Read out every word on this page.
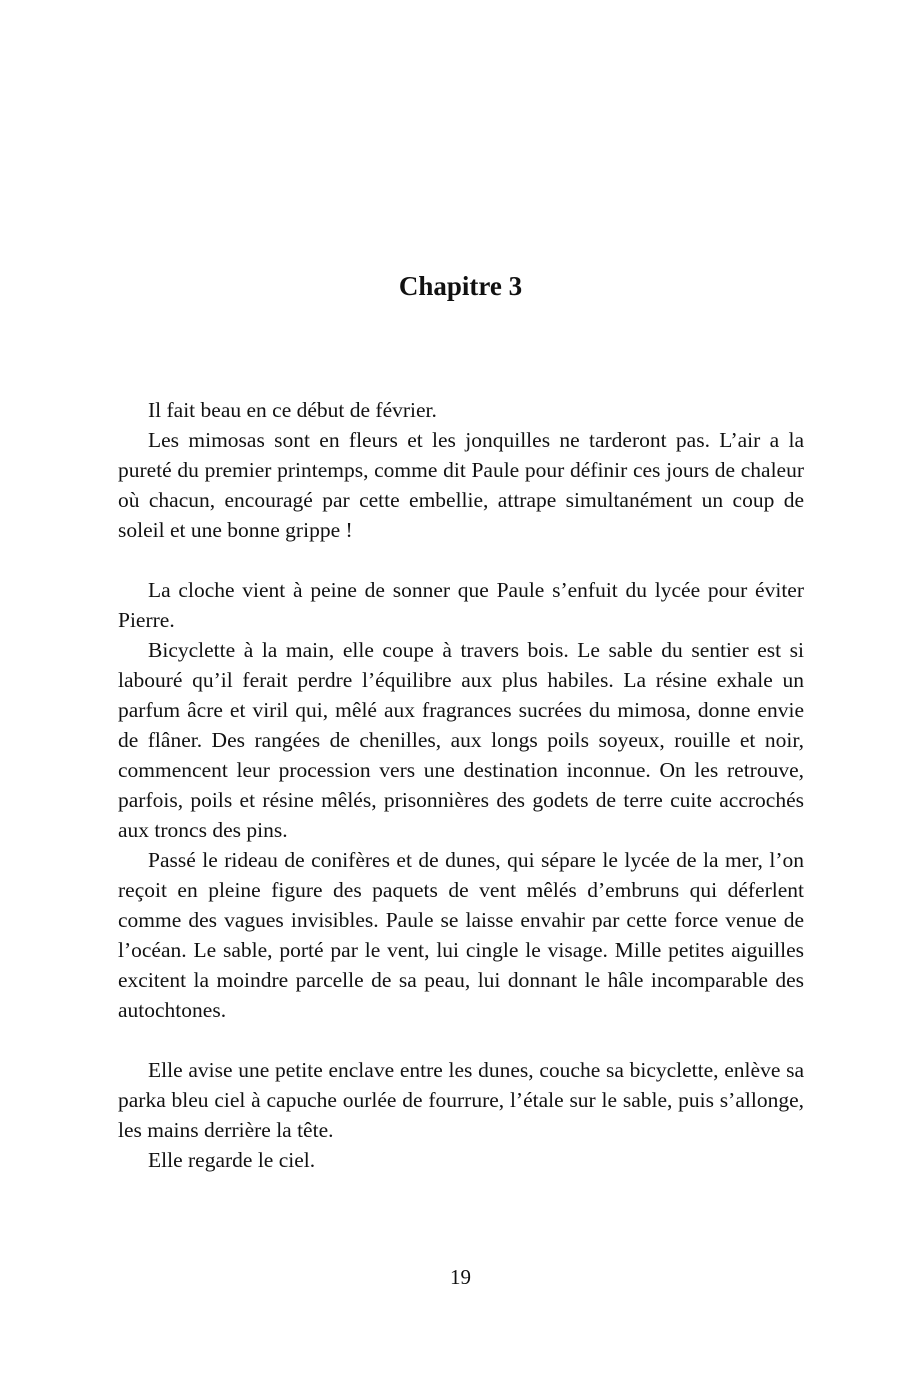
Chapitre 3

Il fait beau en ce début de février.

Les mimosas sont en fleurs et les jonquilles ne tarderont pas. L’air a la pureté du premier printemps, comme dit Paule pour définir ces jours de chaleur où chacun, encouragé par cette embellie, attrape simultanément un coup de soleil et une bonne grippe !

La cloche vient à peine de sonner que Paule s’enfuit du lycée pour éviter Pierre.

Bicyclette à la main, elle coupe à travers bois. Le sable du sentier est si labouré qu’il ferait perdre l’équilibre aux plus habiles. La résine exhale un parfum âcre et viril qui, mêlé aux fragrances sucrées du mimosa, donne envie de flâner. Des rangées de chenilles, aux longs poils soyeux, rouille et noir, commencent leur procession vers une destination inconnue. On les retrouve, parfois, poils et résine mêlés, prisonnières des godets de terre cuite accrochés aux troncs des pins.

Passé le rideau de conifères et de dunes, qui sépare le lycée de la mer, l’on reçoit en pleine figure des paquets de vent mêlés d’embruns qui déferlent comme des vagues invisibles. Paule se laisse envahir par cette force venue de l’océan. Le sable, porté par le vent, lui cingle le visage. Mille petites aiguilles excitent la moindre parcelle de sa peau, lui donnant le hâle incomparable des autochtones.

Elle avise une petite enclave entre les dunes, couche sa bicyclette, enlève sa parka bleu ciel à capuche ourlée de fourrure, l’étale sur le sable, puis s’allonge, les mains derrière la tête.

Elle regarde le ciel.

19
